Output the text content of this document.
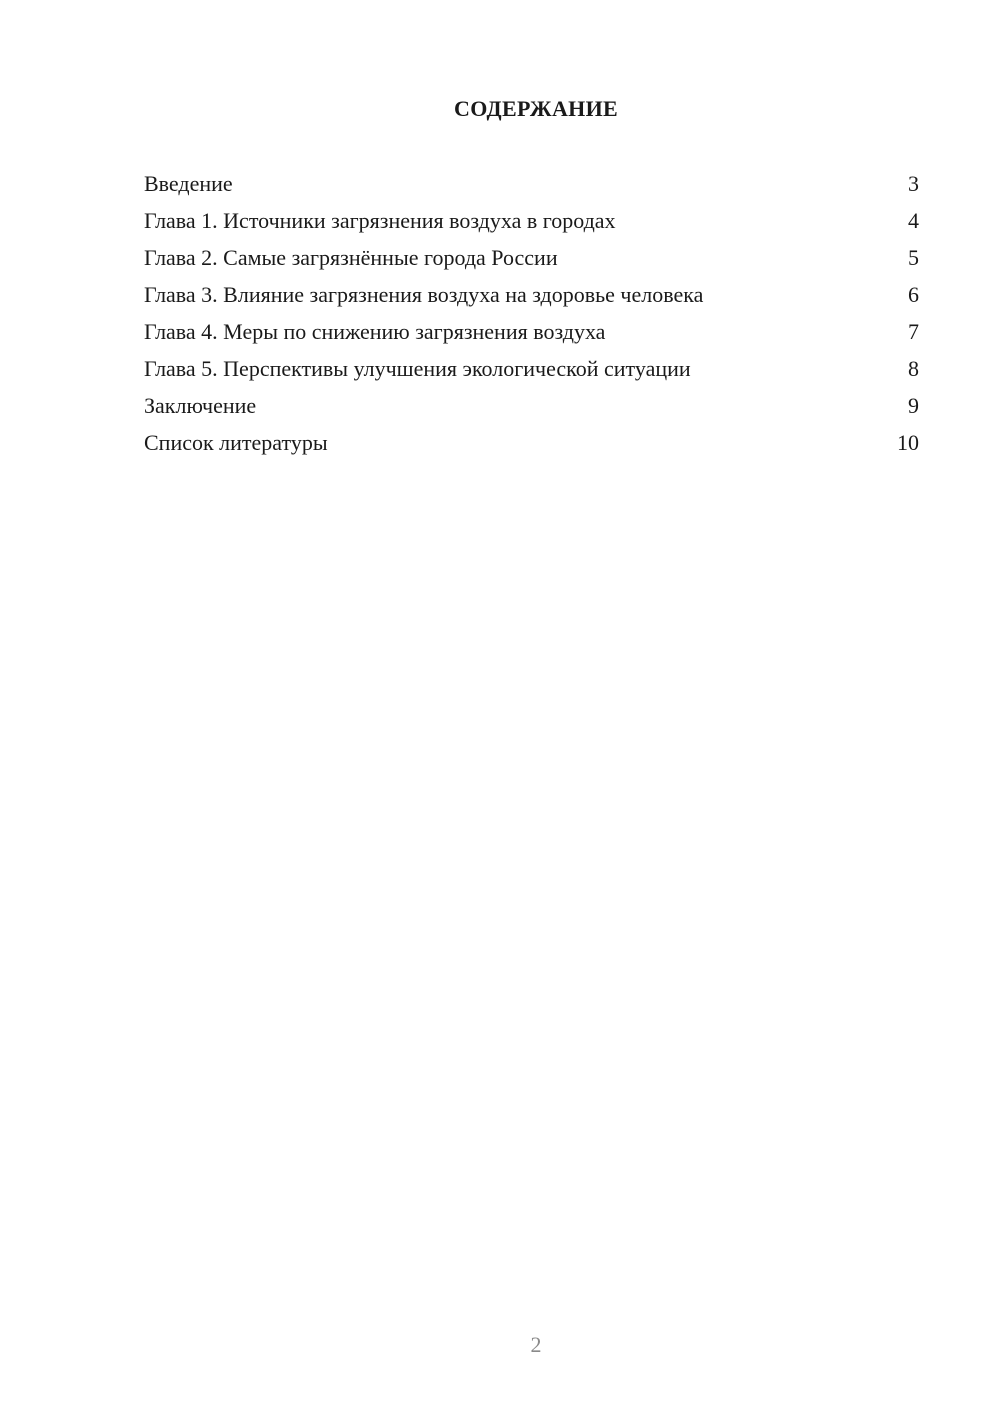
СОДЕРЖАНИЕ
Введение	3
Глава 1. Источники загрязнения воздуха в городах	4
Глава 2. Самые загрязнённые города России	5
Глава 3. Влияние загрязнения воздуха на здоровье человека	6
Глава 4. Меры по снижению загрязнения воздуха	7
Глава 5. Перспективы улучшения экологической ситуации	8
Заключение	9
Список литературы	10
2
